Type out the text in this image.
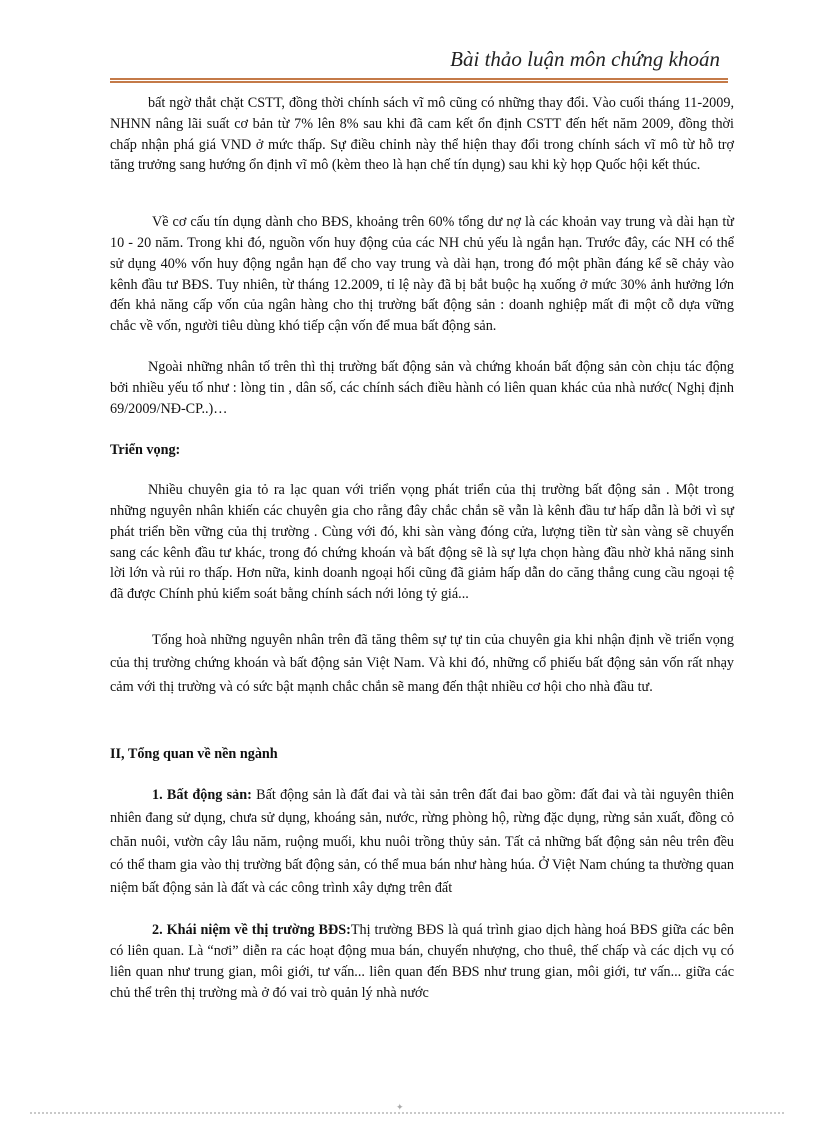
Bài thảo luận môn chứng khoán

bất ngờ thắt chặt CSTT, đồng thời chính sách vĩ mô cũng có những thay đổi. Vào cuối tháng 11-2009, NHNN nâng lãi suất cơ bản từ 7% lên 8% sau khi đã cam kết ổn định CSTT đến hết năm 2009, đồng thời chấp nhận phá giá VND ở mức thấp. Sự điều chỉnh này thể hiện thay đổi trong chính sách vĩ mô từ hỗ trợ tăng trưởng sang hướng ổn định vĩ mô (kèm theo là hạn chế tín dụng) sau khi kỳ họp Quốc hội kết thúc.

Về cơ cấu tín dụng dành cho BĐS, khoảng trên 60% tổng dư nợ là các khoản vay trung và dài hạn từ 10 - 20 năm. Trong khi đó, nguồn vốn huy động của các NH chủ yếu là ngắn hạn. Trước đây, các NH có thể sử dụng 40% vốn huy động ngắn hạn để cho vay trung và dài hạn, trong đó một phần đáng kể sẽ chảy vào kênh đầu tư BĐS. Tuy nhiên, từ tháng 12.2009, tỉ lệ này đã bị bắt buộc hạ xuống ở mức 30% ảnh hưởng lớn đến khả năng cấp vốn của ngân hàng cho thị trường bất động sản : doanh nghiệp mất đi một cỗ dựa vững chắc về vốn, người tiêu dùng khó tiếp cận vốn để mua bất động sản.

Ngoài những nhân tố trên thì thị trường bất động sản và chứng khoán bất động sản còn chịu tác động bởi nhiều yếu tố như : lòng tin , dân số, các chính sách điều hành có liên quan khác của nhà nước( Nghị định 69/2009/NĐ-CP..)…

Triển vọng:

Nhiều chuyên gia tỏ ra lạc quan với triển vọng phát triển của thị trường bất động sản . Một trong những nguyên nhân khiến các chuyên gia cho rằng đây chắc chắn sẽ vẫn là kênh đầu tư hấp dẫn là bởi vì sự phát triển bền vững của thị trường . Cùng với đó, khi sàn vàng đóng cửa, lượng tiền từ sàn vàng sẽ chuyển sang các kênh đầu tư khác, trong đó chứng khoán và bất động sẽ là sự lựa chọn hàng đầu nhờ khả năng sinh lời lớn và rủi ro thấp. Hơn nữa, kinh doanh ngoại hối cũng đã giảm hấp dẫn do căng thẳng cung cầu ngoại tệ đã được Chính phủ kiểm soát bằng chính sách nới lỏng tỷ giá...

Tổng hoà những nguyên nhân trên đã tăng thêm sự tự tin của chuyên gia khi nhận định về triển vọng của thị trường chứng khoán và bất động sản Việt Nam. Và khi đó, những cổ phiếu bất động sản vốn rất nhạy cảm với thị trường và có sức bật mạnh chắc chắn sẽ mang đến thật nhiều cơ hội cho nhà đầu tư.

II, Tổng quan về nền ngành

1. Bất động sản: Bất động sản là đất đai và tài sản trên đất đai bao gồm: đất đai và tài nguyên thiên nhiên đang sử dụng, chưa sử dụng, khoáng sản, nước, rừng phòng hộ, rừng đặc dụng, rừng sản xuất, đồng cỏ chăn nuôi, vườn cây lâu năm, ruộng muối, khu nuôi trồng thủy sản. Tất cả những bất động sản nêu trên đều có thể tham gia vào thị trường bất động sản, có thể mua bán như hàng húa. Ở Việt Nam chúng ta thường quan niệm bất động sản là đất và các công trình xây dựng trên đất

2. Khái niệm về thị trường BĐS:Thị trường BĐS là quá trình giao dịch hàng hoá BĐS giữa các bên có liên quan. Là “nơi” diễn ra các hoạt động mua bán, chuyển nhượng, cho thuê, thế chấp và các dịch vụ có liên quan như trung gian, môi giới, tư vấn... liên quan đến BĐS như trung gian, môi giới, tư vấn... giữa các chủ thể trên thị trường mà ở đó vai trò quản lý nhà nước

✦
